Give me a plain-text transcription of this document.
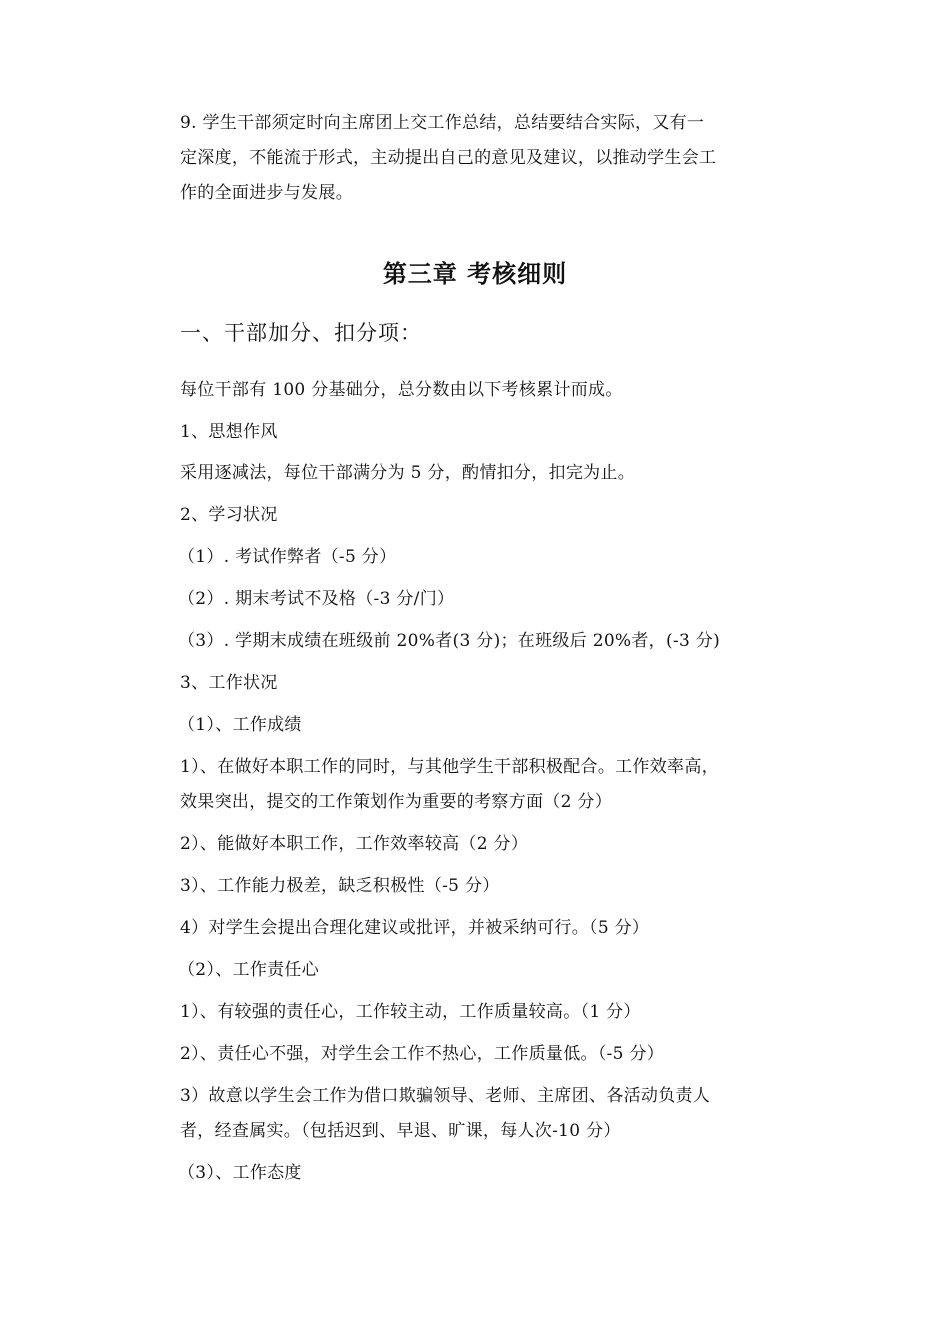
9. 学生干部须定时向主席团上交工作总结，总结要结合实际，又有一
定深度，不能流于形式，主动提出自己的意见及建议，以推动学生会工
作的全面进步与发展。
第三章 考核细则
一、干部加分、扣分项：
每位干部有 100 分基础分，总分数由以下考核累计而成。
1、思想作风
采用逐减法，每位干部满分为 5 分，酌情扣分，扣完为止。
2、学习状况
（1）. 考试作弊者（-5 分）
（2）. 期末考试不及格（-3 分/门）
（3）. 学期末成绩在班级前 20%者(3 分)；在班级后 20%者，(-3 分)
3、工作状况
（1）、工作成绩
1）、在做好本职工作的同时，与其他学生干部积极配合。工作效率高，
效果突出，提交的工作策划作为重要的考察方面（2 分）
2）、能做好本职工作，工作效率较高（2 分）
3）、工作能力极差，缺乏积极性（-5 分）
4）对学生会提出合理化建议或批评，并被采纳可行。（5 分）
（2）、工作责任心
1）、有较强的责任心，工作较主动，工作质量较高。（1 分）
2）、责任心不强，对学生会工作不热心，工作质量低。（-5 分）
3）故意以学生会工作为借口欺骗领导、老师、主席团、各活动负责人
者，经查属实。（包括迟到、早退、旷课，每人次-10 分）
（3）、工作态度
